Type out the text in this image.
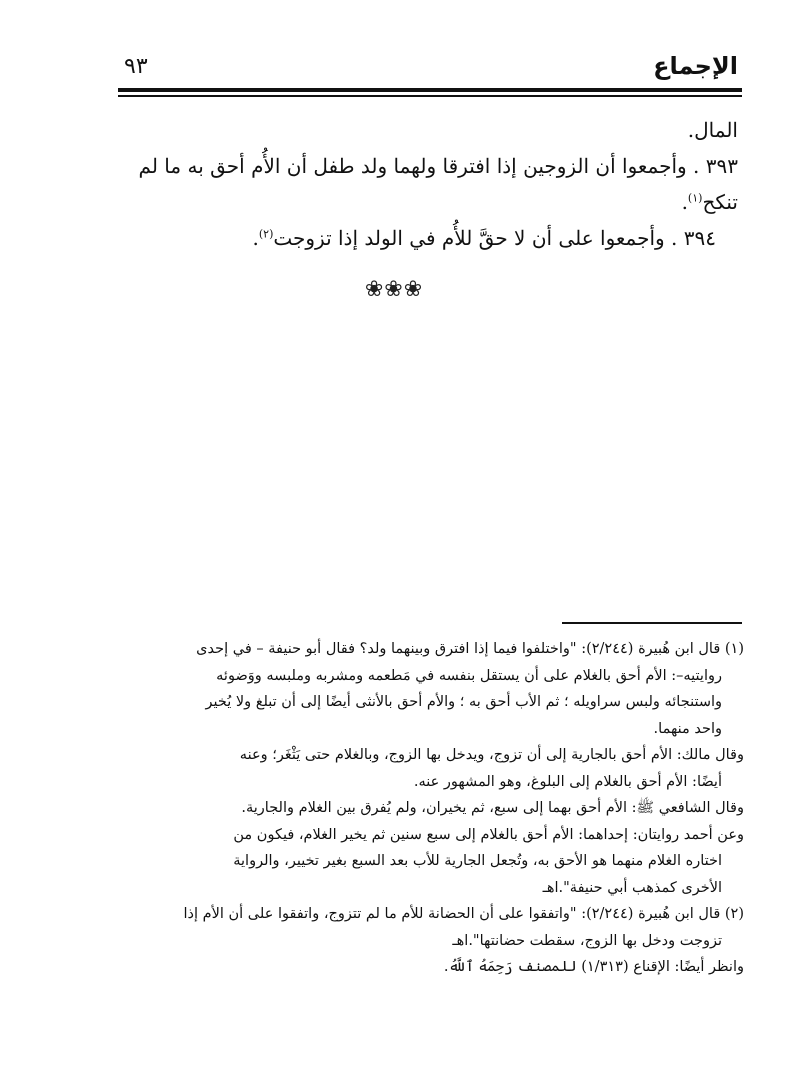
الإجماع
٩٣

المال.

٣٩٣ . وأجمعوا أن الزوجين إذا افترقا ولهما ولد طفل أن الأُم أحق به ما لم
تنكح$^{(١)}$.

٣٩٤ . وأجمعوا على أن لا حقَّ للأُم في الولد إذا تزوجت$^{(٢)}$.

❀❀❀

(١) قال ابن هُبيرة (٢/٢٤٤): "واختلفوا فيما إذا افترق وبينهما ولد؟ فقال أبو حنيفة – في إحدى

روايتيه–: الأم أحق بالغلام على أن يستقل بنفسه في مَطعمه ومشربه وملبسه ووَضوئه

واستنجائه ولبس سراويله ؛ ثم الأب أحق به ؛ والأم أحق بالأنثى أيضًا إلى أن تبلغ ولا يُخير

واحد منهما.

وقال مالك: الأم أحق بالجارية إلى أن تزوج، ويدخل بها الزوج، وبالغلام حتى يَثْغَر؛ وعنه

أيضًا: الأم أحق بالغلام إلى البلوغ، وهو المشهور عنه.

وقال الشافعي ﷺ: الأم أحق بهما إلى سبع، ثم يخيران، ولم يُفرق بين الغلام والجارية.

وعن أحمد روايتان: إحداهما: الأم أحق بالغلام إلى سبع سنين ثم يخير الغلام، فيكون من

اختاره الغلام منهما هو الأحق به، وتُجعل الجارية للأب بعد السبع بغير تخيير، والرواية

الأخرى كمذهب أبي حنيفة".اهـ

(٢) قال ابن هُبيرة (٢/٢٤٤): "واتفقوا على أن الحضانة للأم ما لم تتزوج، واتفقوا على أن الأم إذا

تزوجت ودخل بها الزوج، سقطت حضانتها".اهـ

وانظر أيضًا: الإقناع (١/٣١٣) للمصنف رَحِمَهُ ٱللَّهُ.
